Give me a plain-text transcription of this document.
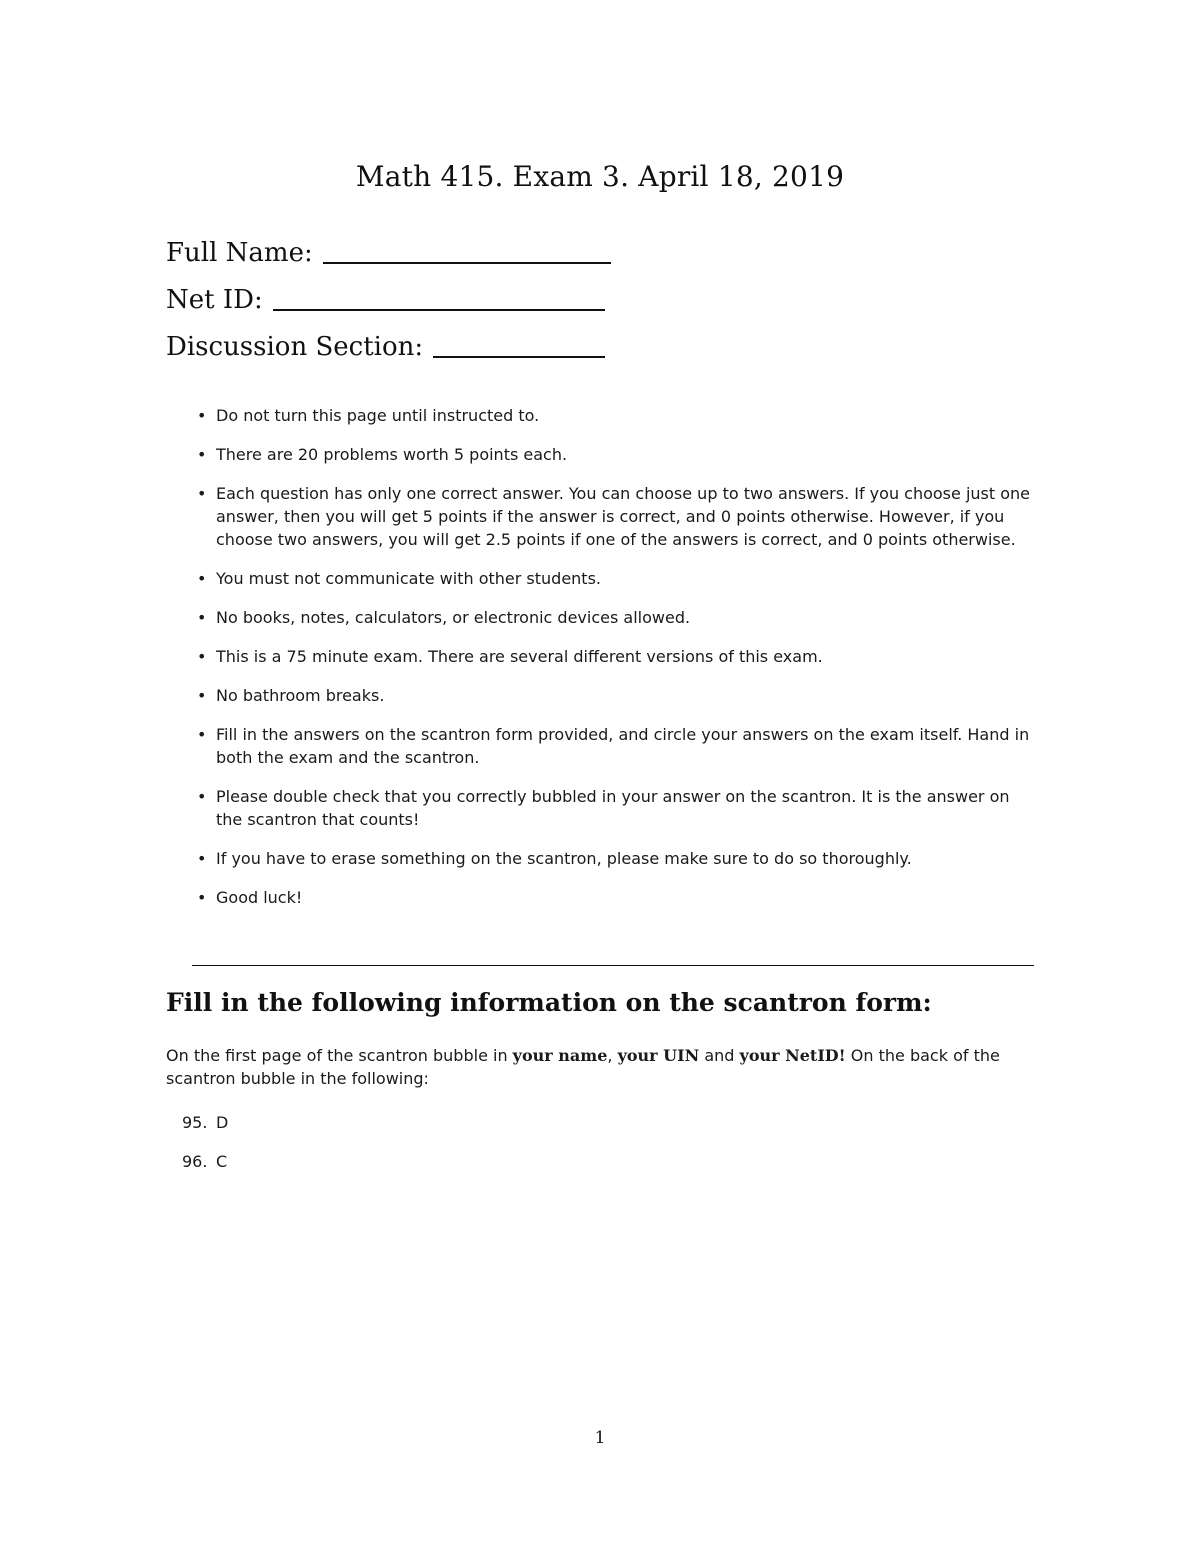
Math 415. Exam 3. April 18, 2019
Full Name:
Net ID:
Discussion Section:
• Do not turn this page until instructed to.
• There are 20 problems worth 5 points each.
• Each question has only one correct answer. You can choose up to two answers. If you choose just one answer, then you will get 5 points if the answer is correct, and 0 points otherwise. However, if you choose two answers, you will get 2.5 points if one of the answers is correct, and 0 points otherwise.
• You must not communicate with other students.
• No books, notes, calculators, or electronic devices allowed.
• This is a 75 minute exam. There are several different versions of this exam.
• No bathroom breaks.
• Fill in the answers on the scantron form provided, and circle your answers on the exam itself. Hand in both the exam and the scantron.
• Please double check that you correctly bubbled in your answer on the scantron. It is the answer on the scantron that counts!
• If you have to erase something on the scantron, please make sure to do so thoroughly.
• Good luck!
Fill in the following information on the scantron form:
On the first page of the scantron bubble in your name, your UIN and your NetID! On the back of the scantron bubble in the following:
95. D
96. C
1
